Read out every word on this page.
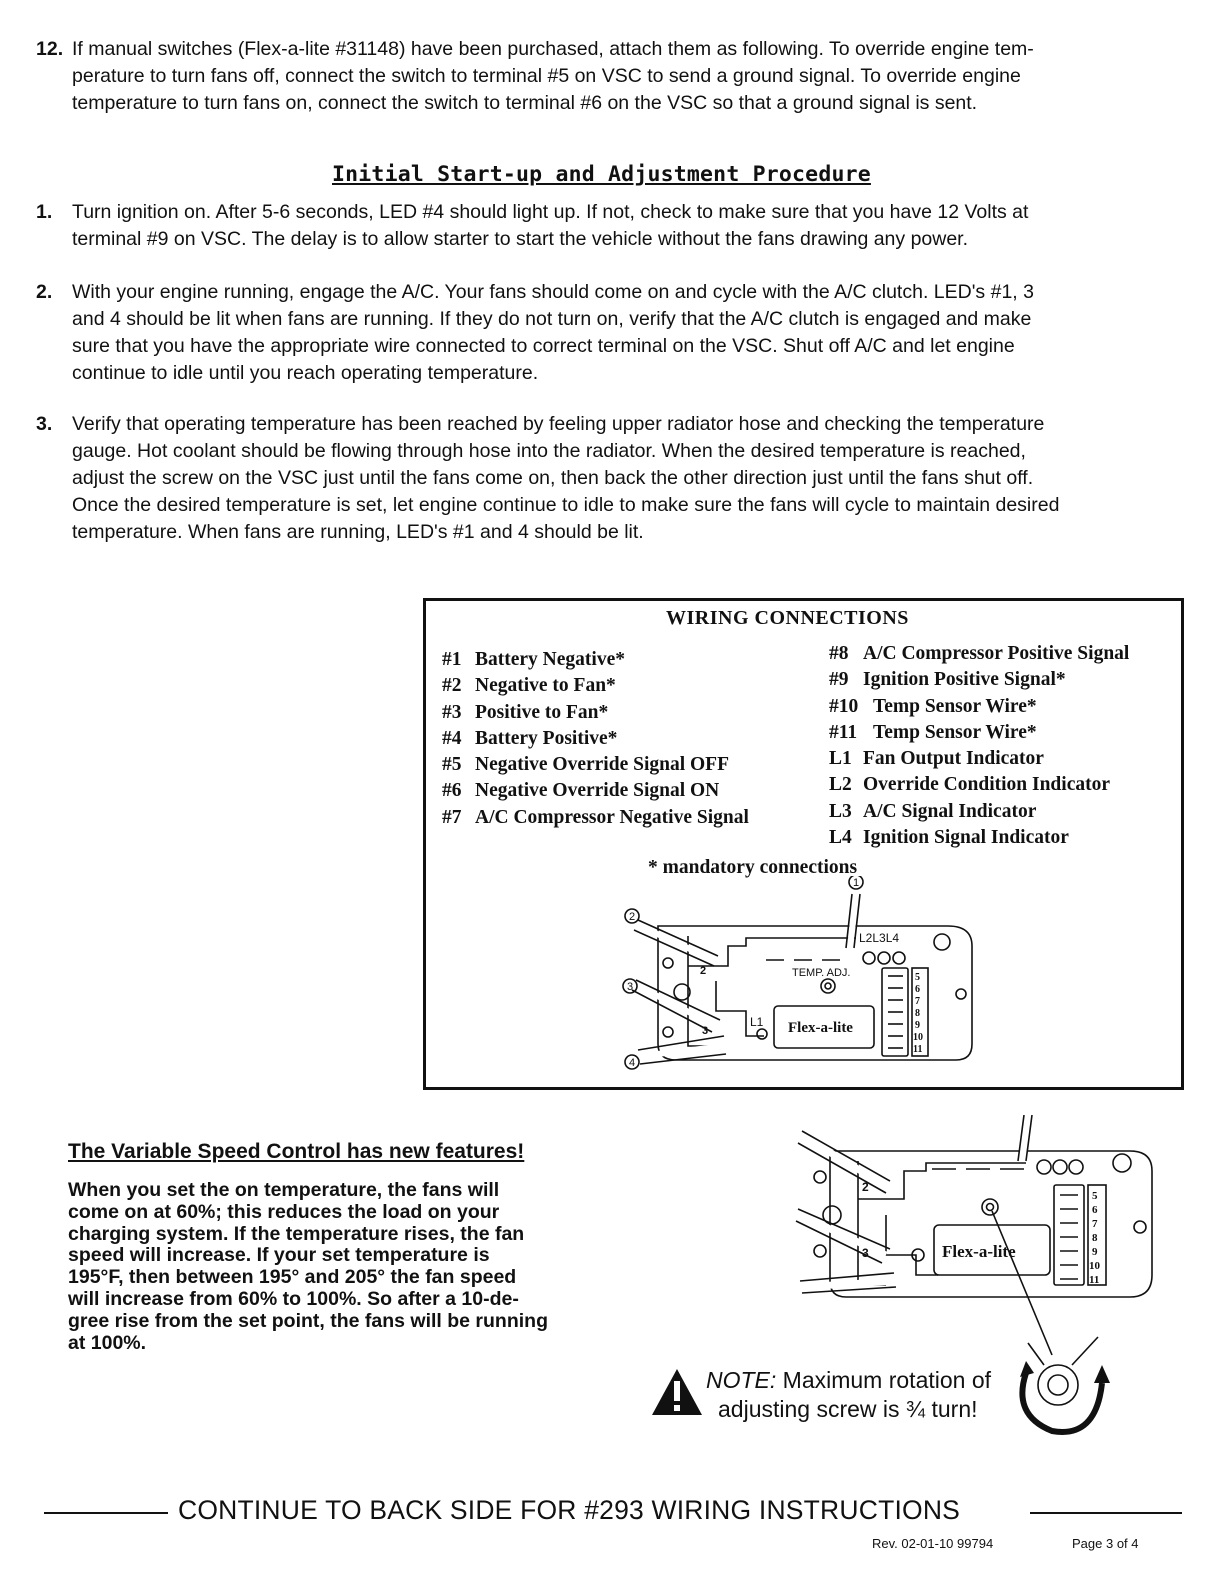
12. If manual switches (Flex-a-lite #31148) have been purchased, attach them as following. To override engine tem-
perature to turn fans off, connect the switch to terminal #5 on VSC to send a ground signal. To override engine
temperature to turn fans on, connect the switch to terminal #6 on the VSC so that a ground signal is sent.
Initial Start-up and Adjustment Procedure
1. Turn ignition on. After 5-6 seconds, LED #4 should light up. If not, check to make sure that you have 12 Volts at
terminal #9 on VSC. The delay is to allow starter to start the vehicle without the fans drawing any power.
2. With your engine running, engage the A/C. Your fans should come on and cycle with the A/C clutch. LED's #1, 3
and 4 should be lit when fans are running. If they do not turn on, verify that the A/C clutch is engaged and make
sure that you have the appropriate wire connected to correct terminal on the VSC. Shut off A/C and let engine
continue to idle until you reach operating temperature.
3. Verify that operating temperature has been reached by feeling upper radiator hose and checking the temperature
gauge. Hot coolant should be flowing through hose into the radiator. When the desired temperature is reached,
adjust the screw on the VSC just until the fans come on, then back the other direction just until the fans shut off.
Once the desired temperature is set, let engine continue to idle to make sure the fans will cycle to maintain desired
temperature. When fans are running, LED's #1 and 4 should be lit.
WIRING CONNECTIONS
#1 Battery Negative*
#2 Negative to Fan*
#3 Positive to Fan*
#4 Battery Positive*
#5 Negative Override Signal OFF
#6 Negative Override Signal ON
#7 A/C Compressor Negative Signal
#8 A/C Compressor Positive Signal
#9 Ignition Positive Signal*
#10 Temp Sensor Wire*
#11 Temp Sensor Wire*
L1 Fan Output Indicator
L2 Override Condition Indicator
L3 A/C Signal Indicator
L4 Ignition Signal Indicator
* mandatory connections
1
2
3
4
L2L3L4
L1
TEMP. ADJ.
Flex-a-lite
2
3
5
6
7
8
9
10
11
The Variable Speed Control has new features!
When you set the on temperature, the fans will
come on at 60%; this reduces the load on your
charging system. If the temperature rises, the fan
speed will increase. If your set temperature is
195°F, then between 195° and 205° the fan speed
will increase from 60% to 100%. So after a 10-de-
gree rise from the set point, the fans will be running
at 100%.
Flex-a-lite
2
3
5
6
7
8
9
10
11
NOTE: Maximum rotation of
adjusting screw is ¾ turn!
CONTINUE TO BACK SIDE FOR #293 WIRING INSTRUCTIONS
Rev. 02-01-10 99794	Page 3 of 4
